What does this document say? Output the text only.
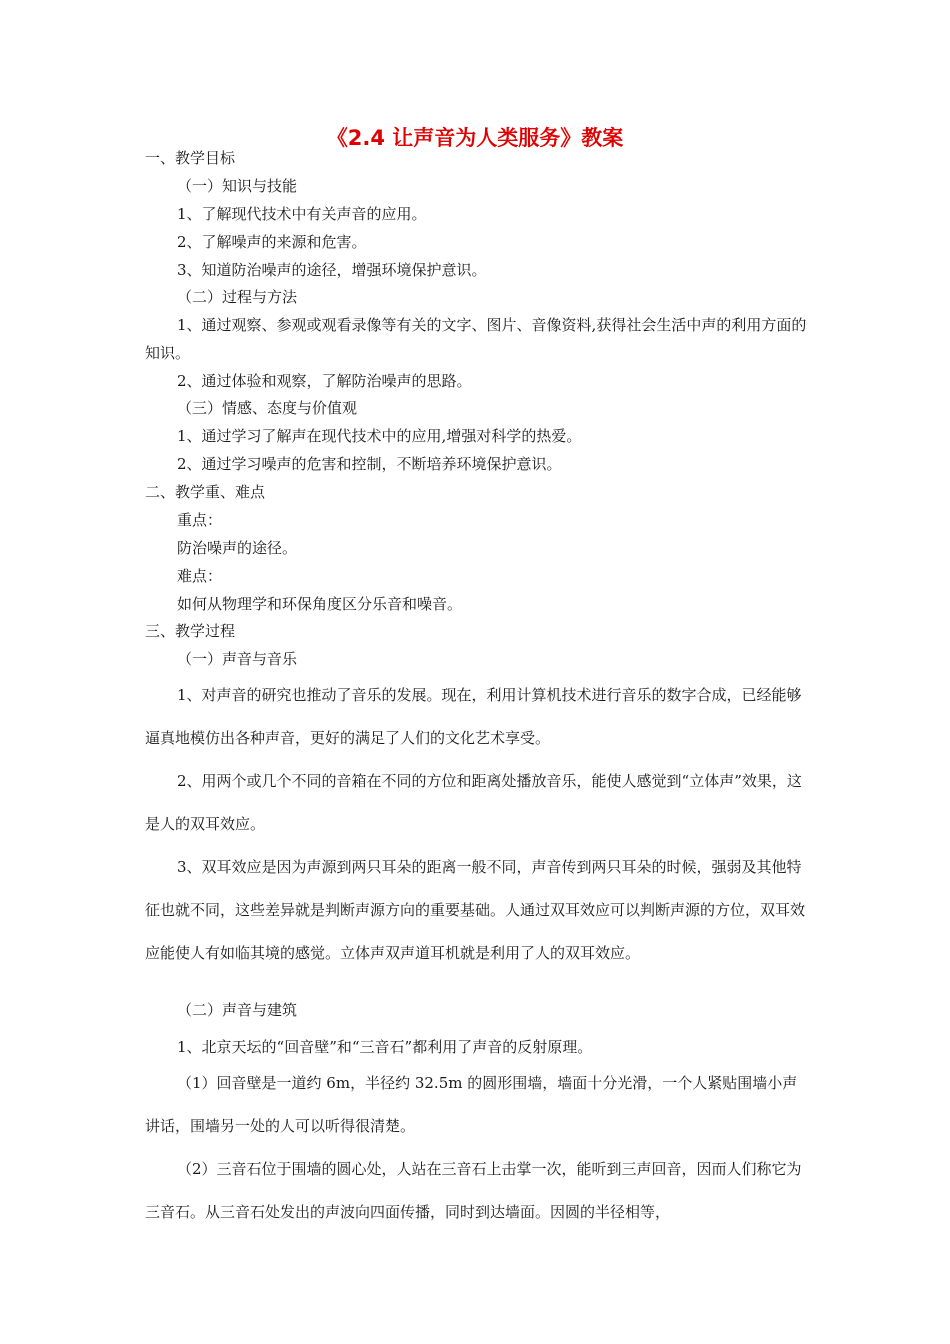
《2.4 让声音为人类服务》教案
一、教学目标
（一）知识与技能
1、了解现代技术中有关声音的应用。
2、了解噪声的来源和危害。
3、知道防治噪声的途径，增强环境保护意识。
（二）过程与方法
1、通过观察、参观或观看录像等有关的文字、图片、音像资料,获得社会生活中声的利用方面的知识。
2、通过体验和观察，了解防治噪声的思路。
（三）情感、态度与价值观
1、通过学习了解声在现代技术中的应用,增强对科学的热爱。
2、通过学习噪声的危害和控制，不断培养环境保护意识。
二、教学重、难点
重点：
防治噪声的途径。
难点：
如何从物理学和环保角度区分乐音和噪音。
三、教学过程
（一）声音与音乐
1、对声音的研究也推动了音乐的发展。现在，利用计算机技术进行音乐的数字合成，已经能够逼真地模仿出各种声音，更好的满足了人们的文化艺术享受。
2、用两个或几个不同的音箱在不同的方位和距离处播放音乐，能使人感觉到“立体声”效果，这是人的双耳效应。
3、双耳效应是因为声源到两只耳朵的距离一般不同，声音传到两只耳朵的时候，强弱及其他特征也就不同，这些差异就是判断声源方向的重要基础。人通过双耳效应可以判断声源的方位，双耳效应能使人有如临其境的感觉。立体声双声道耳机就是利用了人的双耳效应。
（二）声音与建筑
1、北京天坛的“回音壁”和“三音石”都利用了声音的反射原理。
（1）回音壁是一道约 6m，半径约 32.5m 的圆形围墙，墙面十分光滑，一个人紧贴围墙小声讲话，围墙另一处的人可以听得很清楚。
（2）三音石位于围墙的圆心处，人站在三音石上击掌一次，能听到三声回音，因而人们称它为三音石。从三音石处发出的声波向四面传播，同时到达墙面。因圆的半径相等，
